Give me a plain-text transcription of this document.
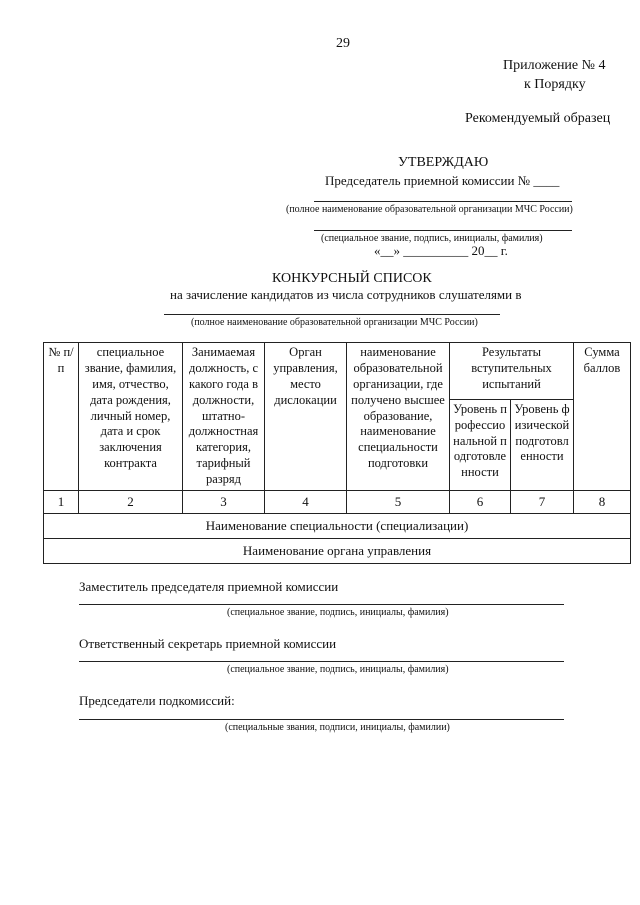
29
Приложение № 4
к Порядку
Рекомендуемый образец
УТВЕРЖДАЮ
Председатель приемной комиссии № ____
(полное наименование образовательной организации МЧС России)
(специальное звание, подпись, инициалы, фамилия)
«__» __________ 20__ г.
КОНКУРСНЫЙ СПИСОК
на зачисление кандидатов из числа сотрудников слушателями в
(полное наименование образовательной организации МЧС России)
№ п/п	специальное звание, фамилия, имя, отчество, дата рождения, личный номер, дата и срок заключения контракта	Занимаемая должность, с какого года в должности, штатно-должностная категория, тарифный разряд	Орган управления, место дислокации	наименование образовательной организации, где получено высшее образование, наименование специальности подготовки	Результаты вступительных испытаний		Сумма баллов
					Уровень профессиональной подготовленности	Уровень физической подготовленности	
1	2	3	4	5	6	7	8
Наименование специальности (специализации)							
Наименование органа управления							
Заместитель председателя приемной комиссии
(специальное звание, подпись, инициалы, фамилия)
Ответственный секретарь приемной комиссии
(специальное звание, подпись, инициалы, фамилия)
Председатели подкомиссий:
(специальные звания, подписи, инициалы, фамилии)
